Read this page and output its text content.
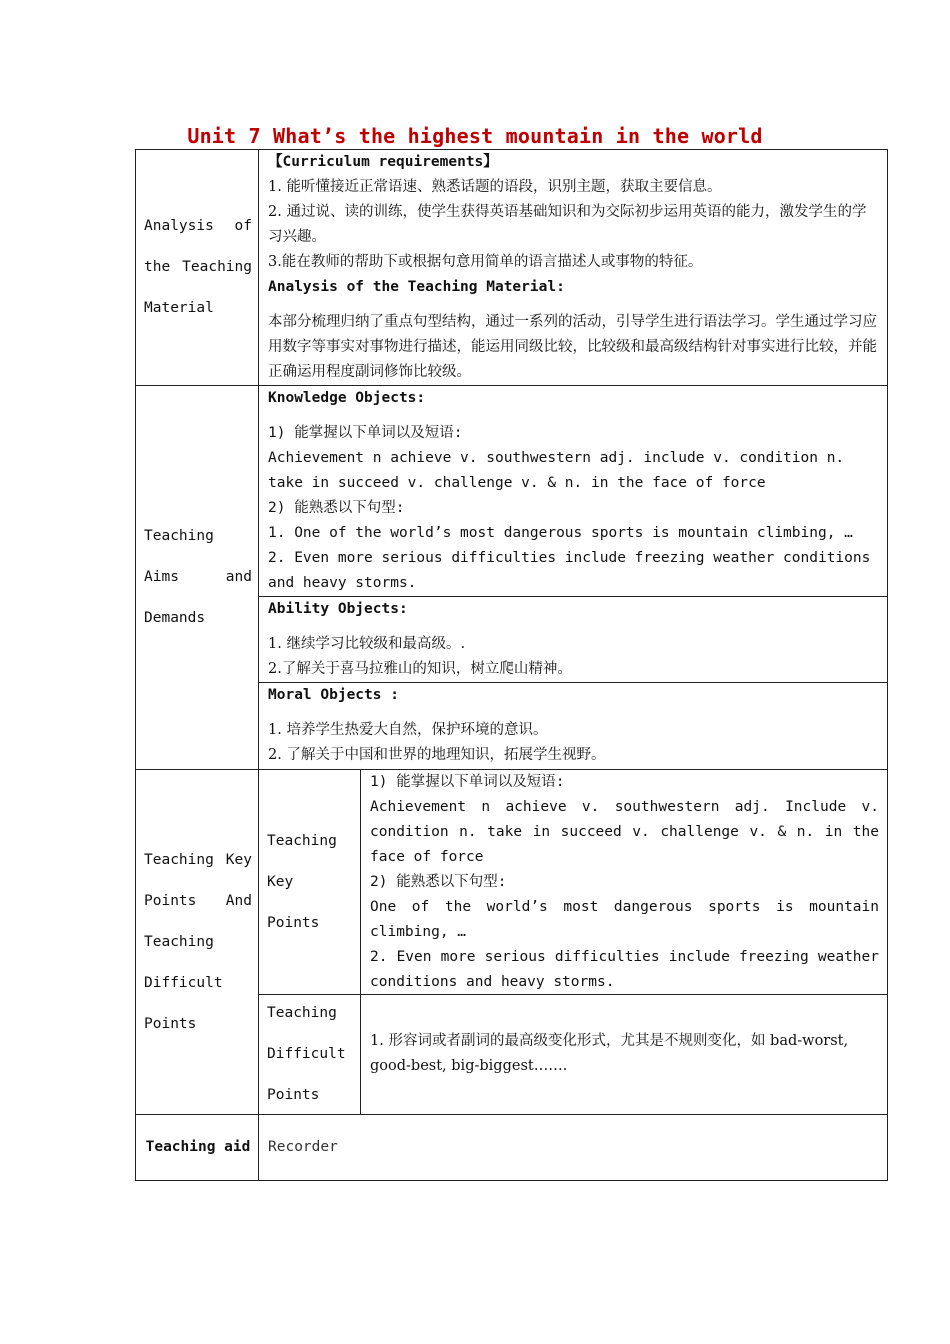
Unit 7 What’s the highest mountain in the world
Analysis of the Teaching Material

【Curriculum requirements】

1. 能听懂接近正常语速、熟悉话题的语段，识别主题，获取主要信息。

2. 通过说、读的训练，使学生获得英语基础知识和为交际初步运用英语的能力，激发学生的学习兴趣。

3.能在教师的帮助下或根据句意用简单的语言描述人或事物的特征。

Analysis of the Teaching Material:

本部分梳理归纳了重点句型结构，通过一系列的活动，引导学生进行语法学习。学生通过学习应用数字等事实对事物进行描述，能运用同级比较，比较级和最高级结构针对事实进行比较，并能正确运用程度副词修饰比较级。

Teaching Aims and Demands

Knowledge Objects:

1) 能掌握以下单词以及短语:

Achievement n achieve v. southwestern adj. include v. condition n.

take in succeed v. challenge v. & n. in the face of force

2) 能熟悉以下句型:

1. One of the world’s most dangerous sports is mountain climbing, …

2. Even more serious difficulties include freezing weather conditions and heavy storms.

Ability Objects:

1. 继续学习比较级和最高级。.

2.了解关于喜马拉雅山的知识，树立爬山精神。

Moral Objects :

1. 培养学生热爱大自然，保护环境的意识。

2. 了解关于中国和世界的地理知识，拓展学生视野。

Teaching Key Points And Teaching Difficult Points
Teaching Key Points

1) 能掌握以下单词以及短语:

Achievement n achieve v. southwestern adj. Include v. condition n. take in succeed v. challenge v. & n. in the face of force

2) 能熟悉以下句型:

One of the world’s most dangerous sports is mountain climbing, …

2. Even more serious difficulties include freezing weather conditions and heavy storms.

Teaching Difficult Points

1. 形容词或者副词的最高级变化形式，尤其是不规则变化，如 bad-worst, good-best, big-biggest…….

Teaching aid Recorder
